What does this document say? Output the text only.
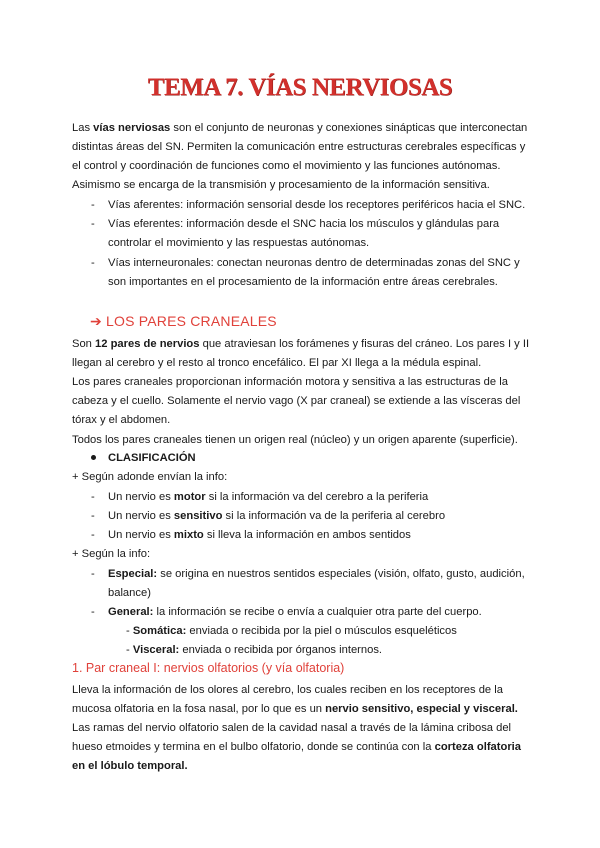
TEMA 7. VÍAS NERVIOSAS
Las vías nerviosas son el conjunto de neuronas y conexiones sinápticas que interconectan
distintas áreas del SN. Permiten la comunicación entre estructuras cerebrales específicas y
el control y coordinación de funciones como el movimiento y las funciones autónomas.
Asimismo se encarga de la transmisión y procesamiento de la información sensitiva.
- Vías aferentes: información sensorial desde los receptores periféricos hacia el SNC.
- Vías eferentes: información desde el SNC hacia los músculos y glándulas para
controlar el movimiento y las respuestas autónomas.
- Vías interneuronales: conectan neuronas dentro de determinadas zonas del SNC y
son importantes en el procesamiento de la información entre áreas cerebrales.
➔ LOS PARES CRANEALES
Son 12 pares de nervios que atraviesan los forámenes y fisuras del cráneo. Los pares I y II
llegan al cerebro y el resto al tronco encefálico. El par XI llega a la médula espinal.
Los pares craneales proporcionan información motora y sensitiva a las estructuras de la
cabeza y el cuello. Solamente el nervio vago (X par craneal) se extiende a las vísceras del
tórax y el abdomen.
Todos los pares craneales tienen un origen real (núcleo) y un origen aparente (superficie).
CLASIFICACIÓN
+ Según adonde envían la info:
- Un nervio es motor si la información va del cerebro a la periferia
- Un nervio es sensitivo si la información va de la periferia al cerebro
- Un nervio es mixto si lleva la información en ambos sentidos
+ Según la info:
- Especial: se origina en nuestros sentidos especiales (visión, olfato, gusto, audición,
balance)
- General: la información se recibe o envía a cualquier otra parte del cuerpo.
- Somática: enviada o recibida por la piel o músculos esqueléticos
- Visceral: enviada o recibida por órganos internos.
1. Par craneal I: nervios olfatorios (y vía olfatoria)
Lleva la información de los olores al cerebro, los cuales reciben en los receptores de la
mucosa olfatoria en la fosa nasal, por lo que es un nervio sensitivo, especial y visceral.
Las ramas del nervio olfatorio salen de la cavidad nasal a través de la lámina cribosa del
hueso etmoides y termina en el bulbo olfatorio, donde se continúa con la corteza olfatoria
en el lóbulo temporal.
